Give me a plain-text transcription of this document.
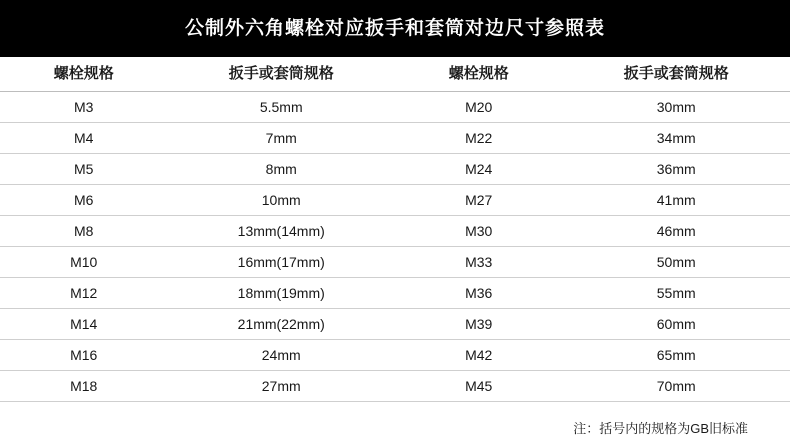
公制外六角螺栓对应扳手和套筒对边尺寸参照表
螺栓规格	扳手或套筒规格	螺栓规格	扳手或套筒规格
M3	5.5mm	M20	30mm
M4	7mm	M22	34mm
M5	8mm	M24	36mm
M6	10mm	M27	41mm
M8	13mm(14mm)	M30	46mm
M10	16mm(17mm)	M33	50mm
M12	18mm(19mm)	M36	55mm
M14	21mm(22mm)	M39	60mm
M16	24mm	M42	65mm
M18	27mm	M45	70mm
注：括号内的规格为GB旧标准
